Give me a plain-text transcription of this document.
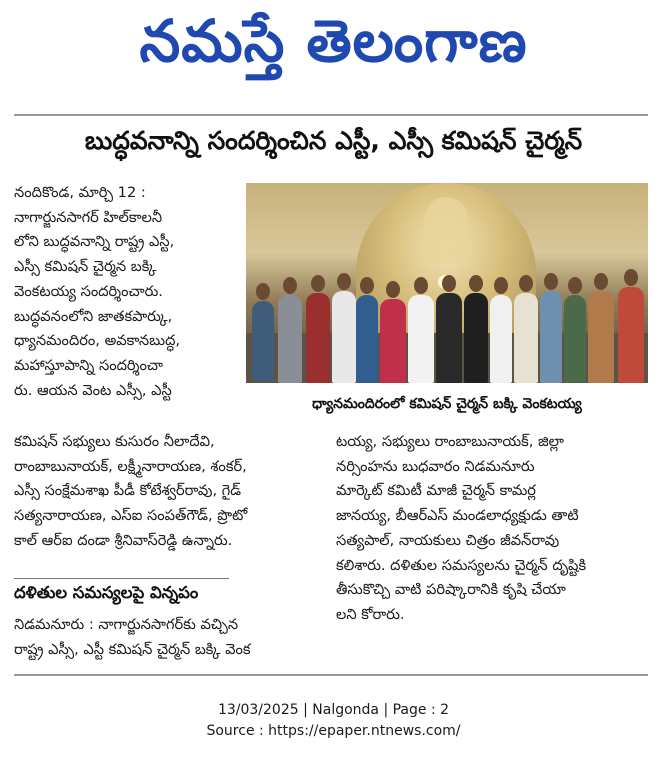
నమస్తే తెలంగాణ
బుద్ధవనాన్ని సందర్శించిన ఎస్టీ, ఎస్సీ కమిషన్ చైర్మన్

నందికొండ, మార్చి 12 :
నాగార్జునసాగర్ హిల్‌కాలనీ
లోని బుద్ధవనాన్ని రాష్ట్ర ఎస్టీ,
ఎస్సీ కమిషన్ చైర్మన బక్కి
వెంకటయ్య సందర్శించారు.
బుద్ధవనంలోని జాతకపార్కు,
ధ్యానమందిరం, అవకానబుద్ధ,
మహాస్తూపాన్ని సందర్శించా
రు. ఆయన వెంట ఎస్సీ, ఎస్టీ

ధ్యానమందిరంలో కమిషన్ చైర్మన్ బక్కి వెంకటయ్య

కమిషన్ సభ్యులు కుసురం నీలాదేవి,
రాంబాబునాయక్, లక్ష్మీనారాయణ, శంకర్,
ఎస్సీ సంక్షేమశాఖ పీడీ కోటేశ్వర్‌రావు, గైడ్
సత్యనారాయణ, ఎస్ఐ సంపత్‌గౌడ్, ప్రొటో
కాల్ ఆర్ఐ దండా శ్రీనివాస్‌రెడ్డి ఉన్నారు.

టయ్య, సభ్యులు రాంబాబునాయక్, జిల్లా
నర్సింహను బుధవారం నిడమనూరు
మార్కెట్ కమిటీ మాజీ చైర్మన్ కామర్ల
జానయ్య, బీఆర్ఎస్ మండలాధ్యక్షుడు తాటి
సత్యపాల్, నాయకులు చిత్రం జీవన్‌రావు
కలిశారు. దళితుల సమస్యలను చైర్మన్ దృష్టికి
తీసుకొచ్చి వాటి పరిష్కారానికి కృషి చేయా
లని కోరారు.

దళితుల సమస్యలపై విన్నపం

నిడమనూరు : నాగార్జునసాగర్‌కు వచ్చిన
రాష్ట్ర ఎస్సీ, ఎస్టీ కమిషన్ చైర్మన్ బక్కి వెంక

13/03/2025 | Nalgonda | Page : 2
Source : https://epaper.ntnews.com/
